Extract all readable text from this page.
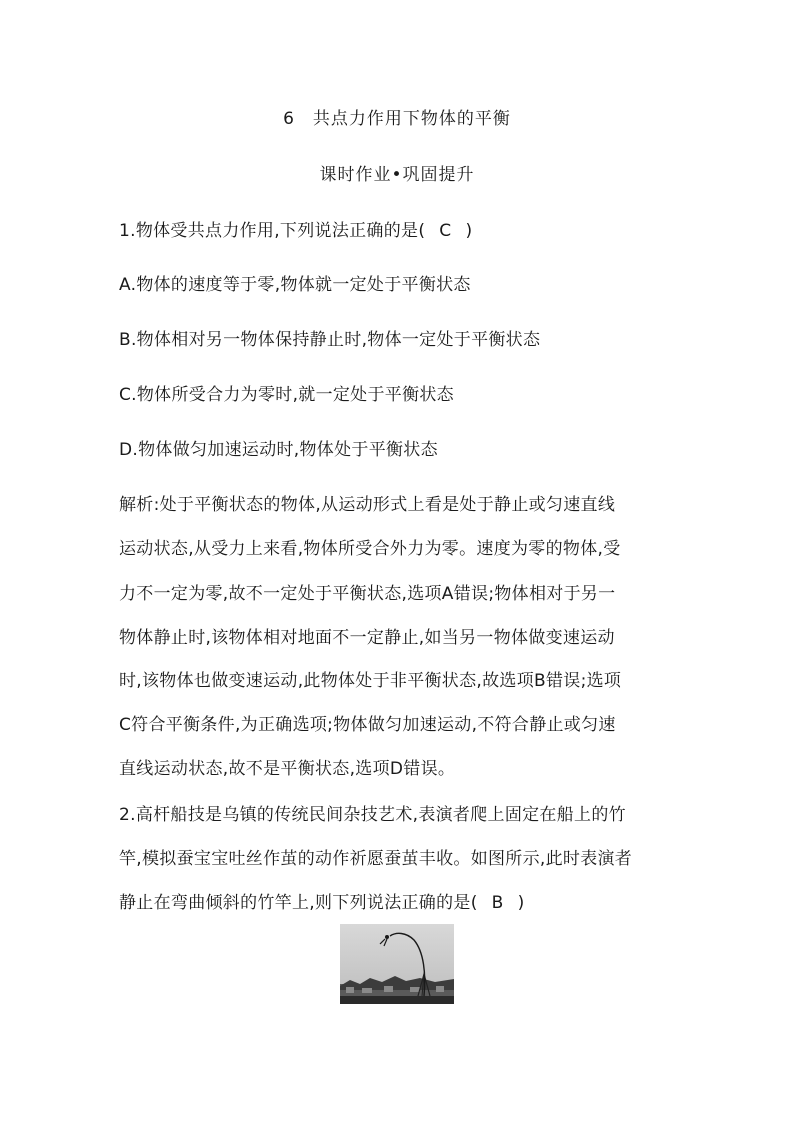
6　共点力作用下物体的平衡
课时作业•巩固提升
1.物体受共点力作用,下列说法正确的是( C )
A.物体的速度等于零,物体就一定处于平衡状态
B.物体相对另一物体保持静止时,物体一定处于平衡状态
C.物体所受合力为零时,就一定处于平衡状态
D.物体做匀加速运动时,物体处于平衡状态
解析:处于平衡状态的物体,从运动形式上看是处于静止或匀速直线
运动状态,从受力上来看,物体所受合外力为零。速度为零的物体,受
力不一定为零,故不一定处于平衡状态,选项A错误;物体相对于另一
物体静止时,该物体相对地面不一定静止,如当另一物体做变速运动
时,该物体也做变速运动,此物体处于非平衡状态,故选项B错误;选项
C符合平衡条件,为正确选项;物体做匀加速运动,不符合静止或匀速
直线运动状态,故不是平衡状态,选项D错误。
2.高杆船技是乌镇的传统民间杂技艺术,表演者爬上固定在船上的竹
竿,模拟蚕宝宝吐丝作茧的动作祈愿蚕茧丰收。如图所示,此时表演者
静止在弯曲倾斜的竹竿上,则下列说法正确的是( B )
